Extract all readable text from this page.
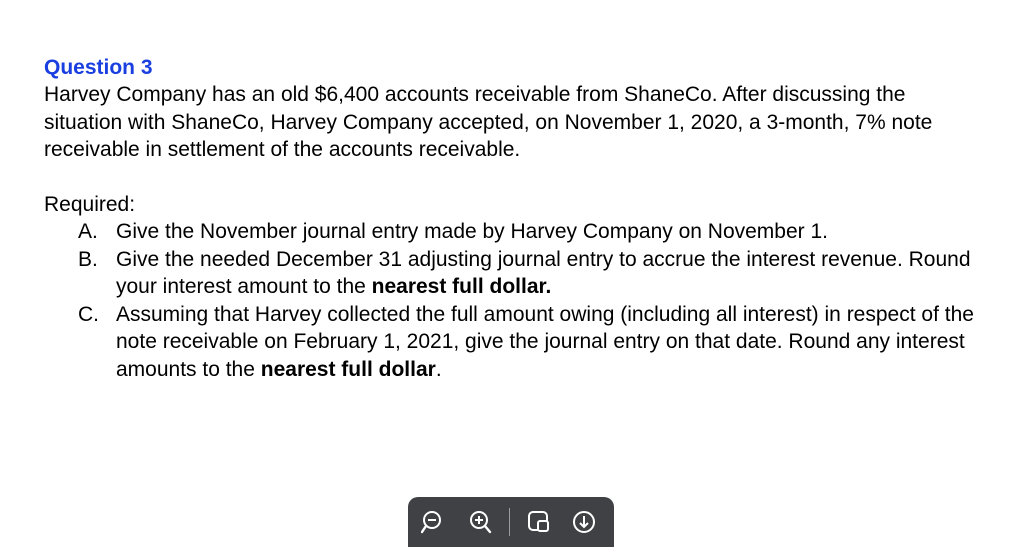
Question 3
Harvey Company has an old $6,400 accounts receivable from ShaneCo. After discussing the situation with ShaneCo, Harvey Company accepted, on November 1, 2020, a 3-month, 7% note receivable in settlement of the accounts receivable.
Required:
A. Give the November journal entry made by Harvey Company on November 1.
B. Give the needed December 31 adjusting journal entry to accrue the interest revenue. Round your interest amount to the nearest full dollar.
C. Assuming that Harvey collected the full amount owing (including all interest) in respect of the note receivable on February 1, 2021, give the journal entry on that date. Round any interest amounts to the nearest full dollar.
